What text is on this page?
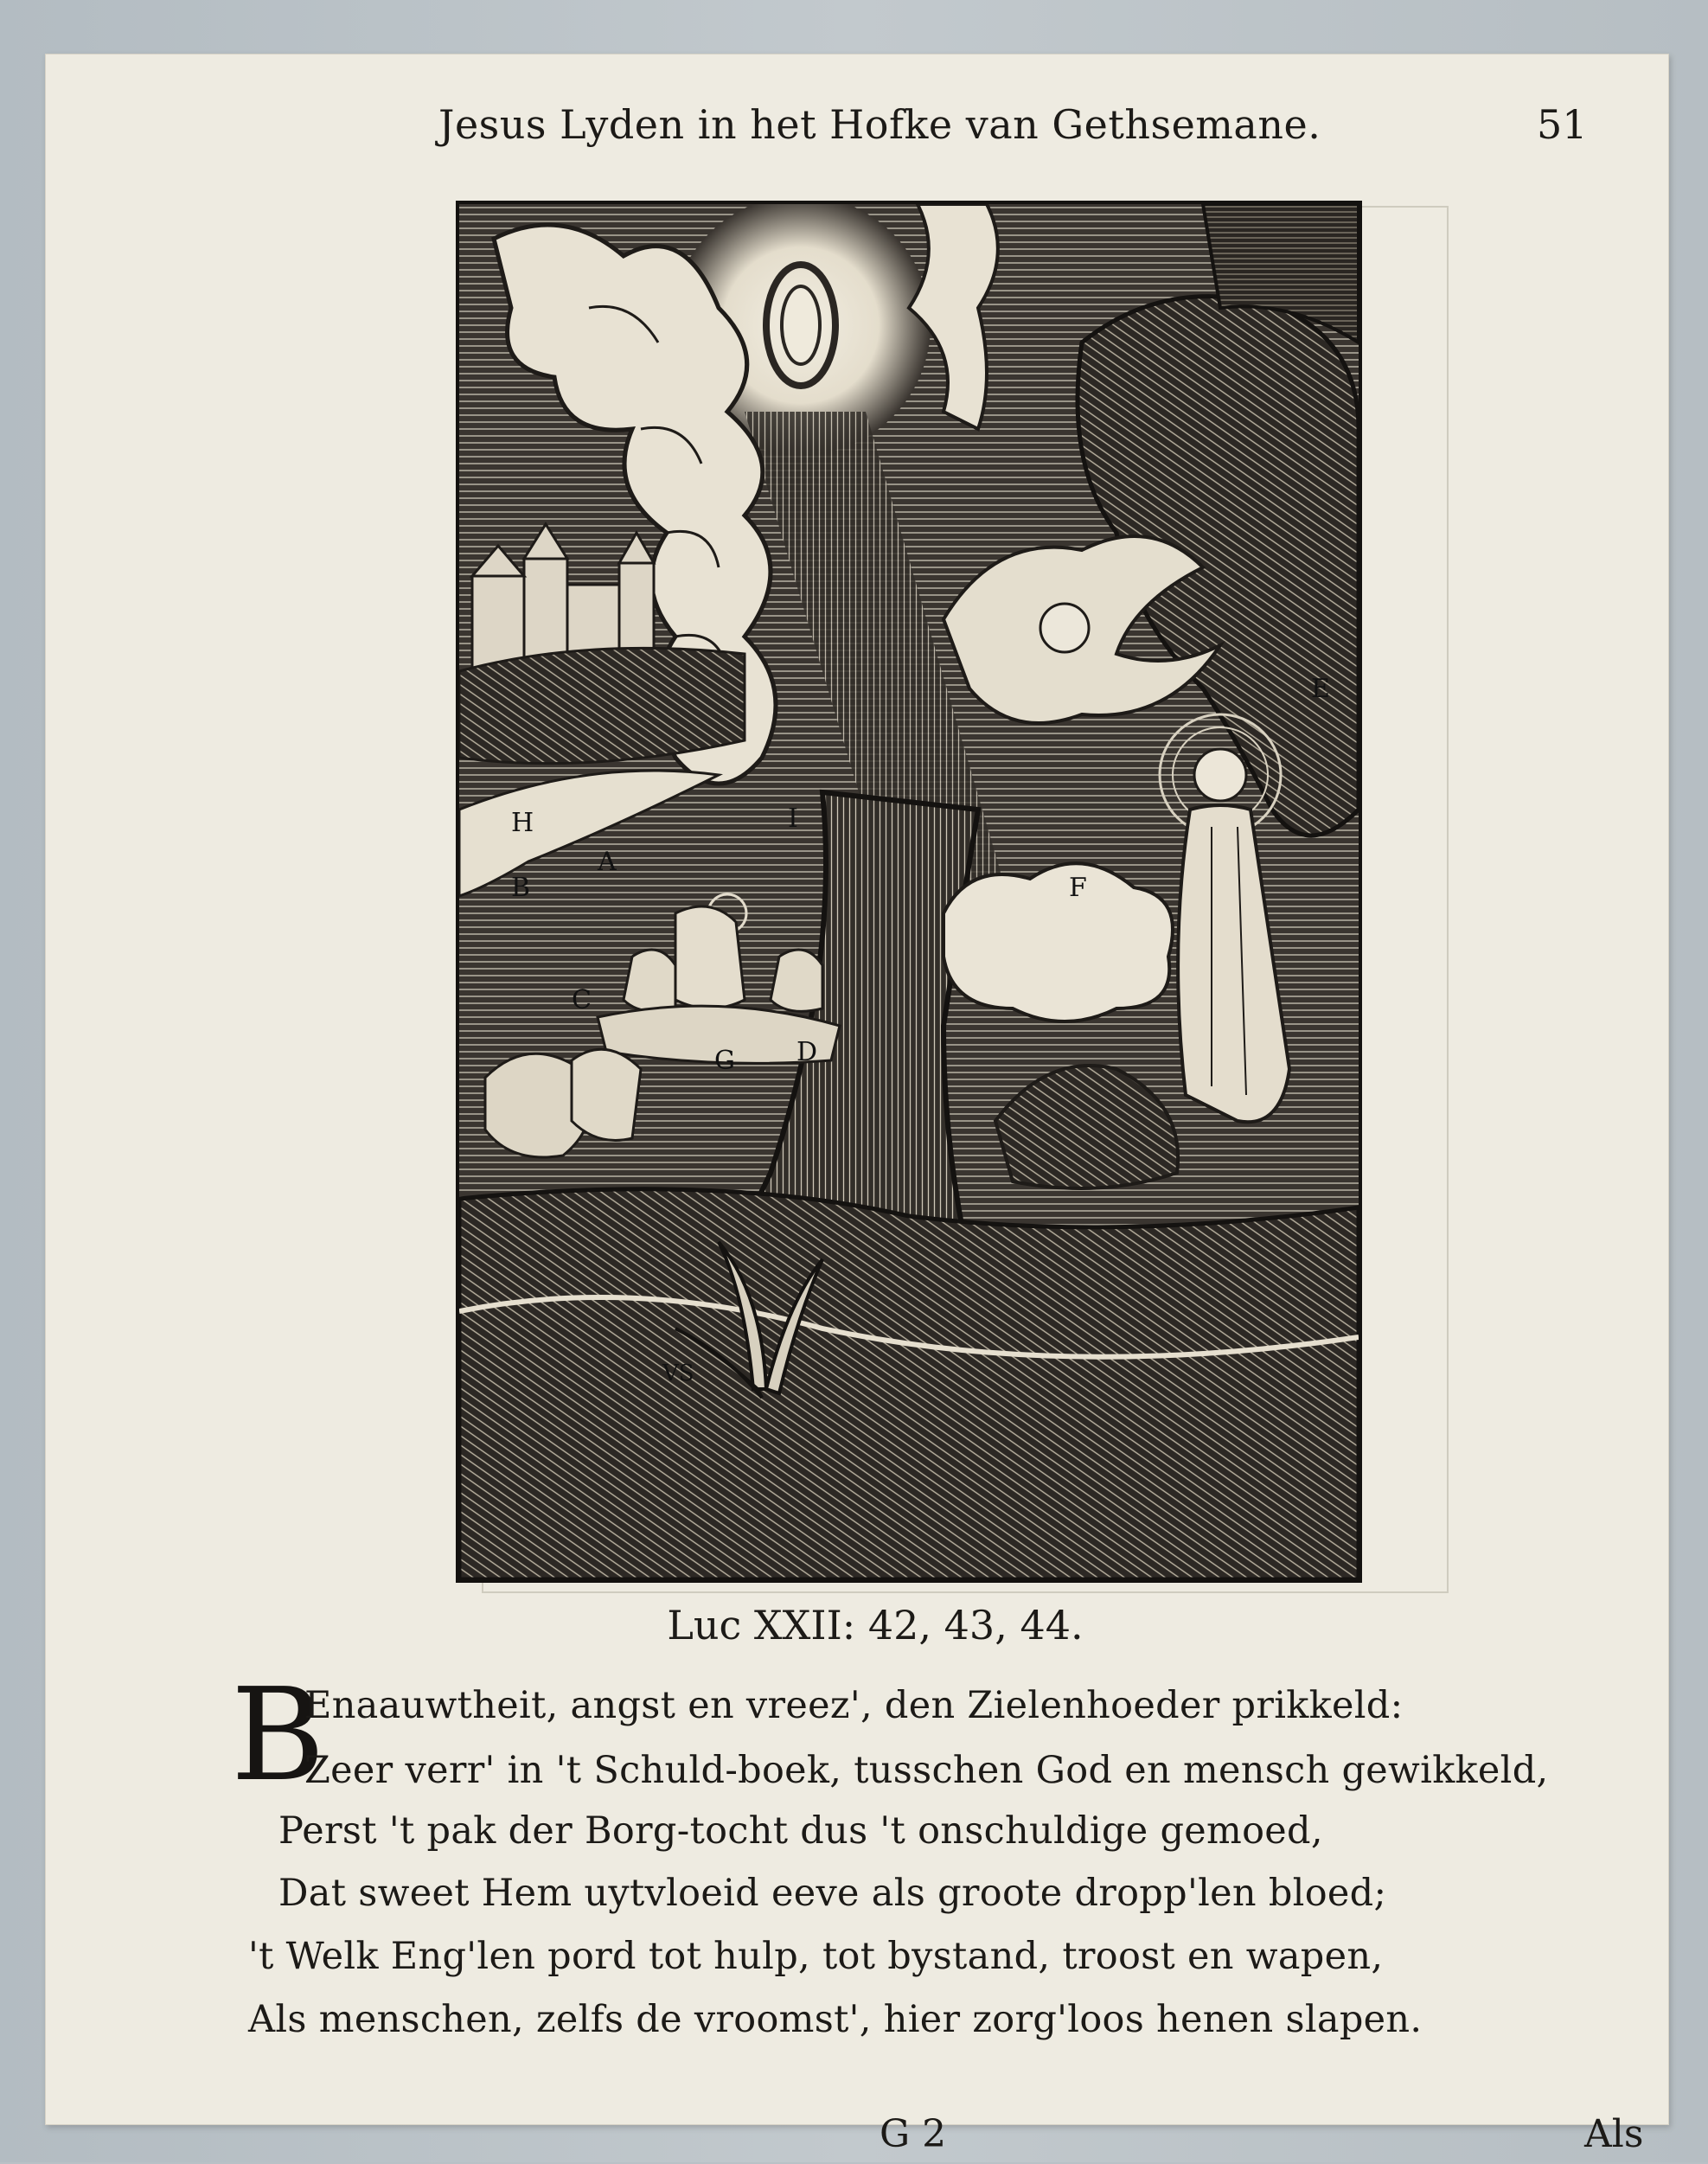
Jesus Lyden in het Hofke van Gethsemane.	51
E
F
H	I
A
B
C
G D
VS
Luc XXII: 42, 43, 44.
B
Enaauwtheit, angst en vreez', den Zielenhoeder prikkeld:
Zeer verr' in 't Schuld-boek, tusschen God en mensch gewikkeld,
Perst 't pak der Borg-tocht dus 't onschuldige gemoed,
Dat sweet Hem uytvloeid eeve als groote dropp'len bloed;
't Welk Eng'len pord tot hulp, tot bystand, troost en wapen,
Als menschen, zelfs de vroomst', hier zorg'loos henen slapen.
G 2	Als
